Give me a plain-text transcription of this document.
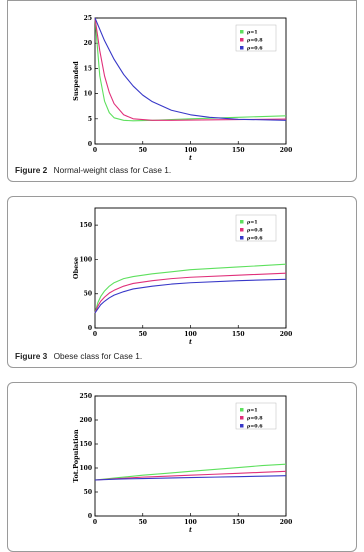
0	50	100	150	200
0
5
10
15
20
25
t
Suspended
ρ=1
ρ=0.8
ρ=0.6
Figure 2 Normal-weight class for Case 1.
0	50	100	150	200
0
50
100
150
t
Obese
ρ=1
ρ=0.8
ρ=0.6
Figure 3 Obese class for Case 1.
0	50	100	150	200
0
50
100
150
200
250
t
Tot.Population
ρ=1
ρ=0.8
ρ=0.6
